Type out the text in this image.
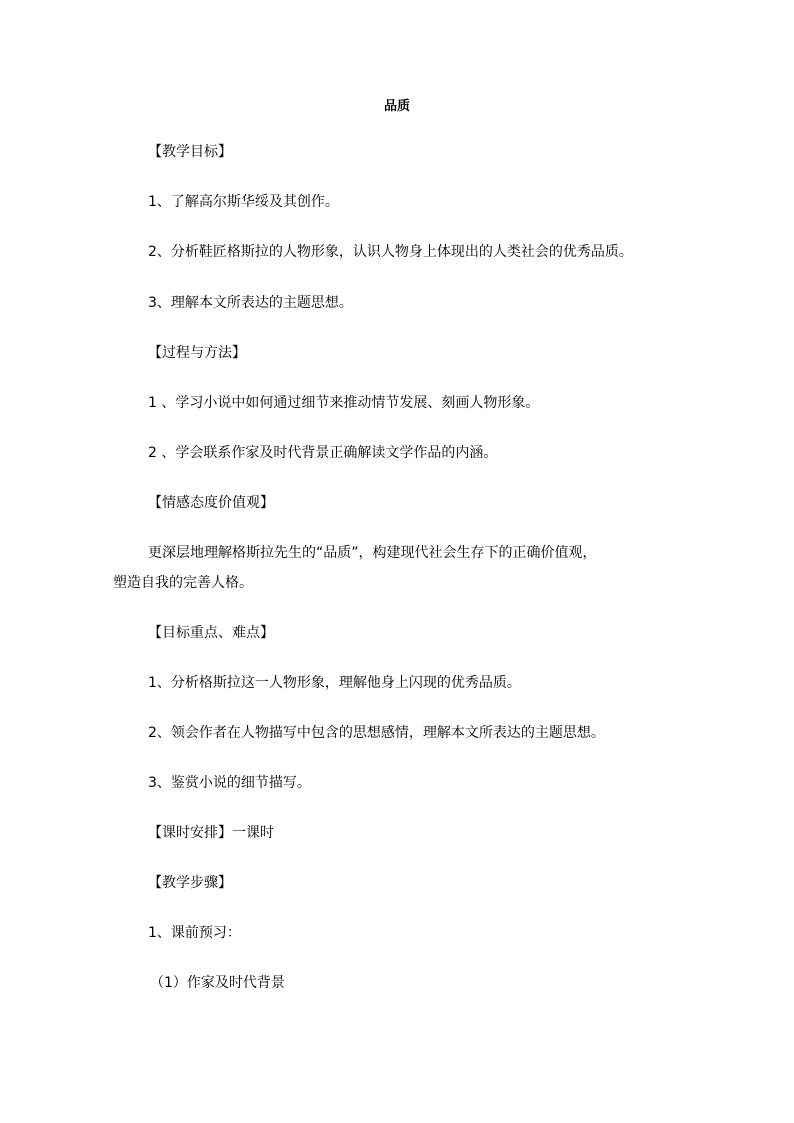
品质
【教学目标】
1、了解高尔斯华绥及其创作。
2、分析鞋匠格斯拉的人物形象，认识人物身上体现出的人类社会的优秀品质。
3、理解本文所表达的主题思想。
【过程与方法】
1 、学习小说中如何通过细节来推动情节发展、刻画人物形象。
2 、学会联系作家及时代背景正确解读文学作品的内涵。
【情感态度价值观】
更深层地理解格斯拉先生的“品质”，构建现代社会生存下的正确价值观，
塑造自我的完善人格。
【目标重点、难点】
1、分析格斯拉这一人物形象，理解他身上闪现的优秀品质。
2、领会作者在人物描写中包含的思想感情，理解本文所表达的主题思想。
3、鉴赏小说的细节描写。
【课时安排】一课时
【教学步骤】
1、课前预习：
（1）作家及时代背景
